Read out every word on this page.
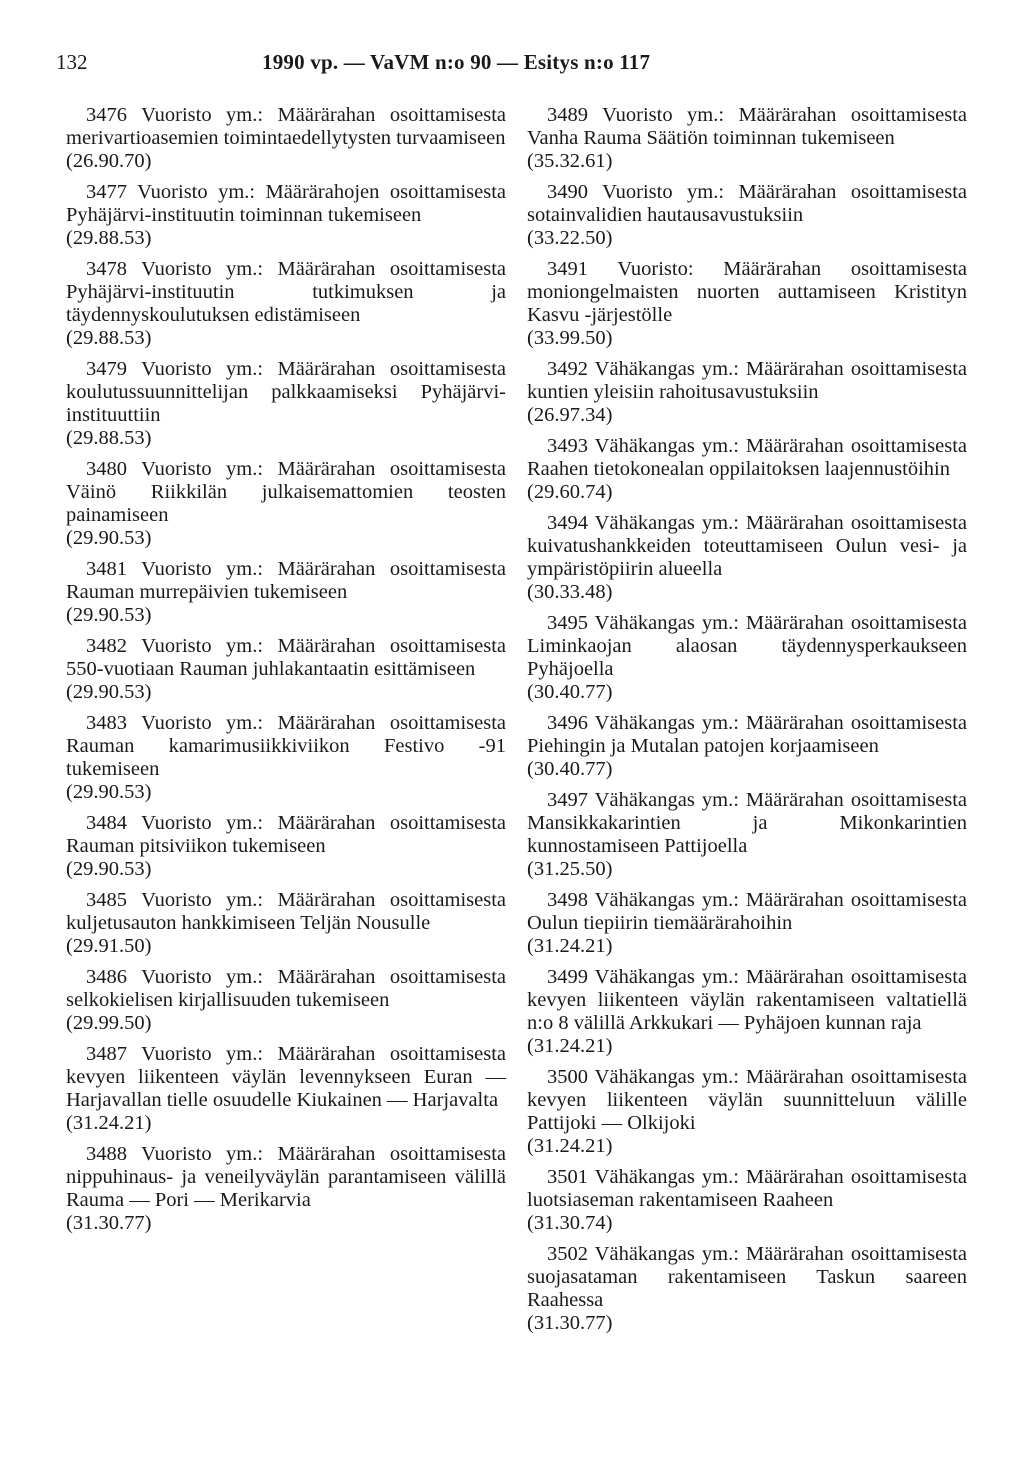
132	1990 vp. — VaVM n:o 90 — Esitys n:o 117

3476 Vuoristo ym.: Määrärahan osoittamisesta merivartioasemien toimintaedellytysten turvaamiseen

(26.90.70)

3477 Vuoristo ym.: Määrärahojen osoittamisesta Pyhäjärvi-instituutin toiminnan tukemiseen

(29.88.53)

3478 Vuoristo ym.: Määrärahan osoittamisesta Pyhäjärvi-instituutin tutkimuksen ja täydennyskoulutuksen edistämiseen

(29.88.53)

3479 Vuoristo ym.: Määrärahan osoittamisesta koulutussuunnittelijan palkkaamiseksi Pyhäjärvi-instituuttiin

(29.88.53)

3480 Vuoristo ym.: Määrärahan osoittamisesta Väinö Riikkilän julkaisemattomien teosten painamiseen

(29.90.53)

3481 Vuoristo ym.: Määrärahan osoittamisesta Rauman murrepäivien tukemiseen

(29.90.53)

3482 Vuoristo ym.: Määrärahan osoittamisesta 550-vuotiaan Rauman juhlakantaatin esittämiseen

(29.90.53)

3483 Vuoristo ym.: Määrärahan osoittamisesta Rauman kamarimusiikkiviikon Festivo -91 tukemiseen

(29.90.53)

3484 Vuoristo ym.: Määrärahan osoittamisesta Rauman pitsiviikon tukemiseen

(29.90.53)

3485 Vuoristo ym.: Määrärahan osoittamisesta kuljetusauton hankkimiseen Teljän Nousulle

(29.91.50)

3486 Vuoristo ym.: Määrärahan osoittamisesta selkokielisen kirjallisuuden tukemiseen

(29.99.50)

3487 Vuoristo ym.: Määrärahan osoittamisesta kevyen liikenteen väylän levennykseen Euran — Harjavallan tielle osuudelle Kiukainen — Harjavalta

(31.24.21)

3488 Vuoristo ym.: Määrärahan osoittamisesta nippuhinaus- ja veneilyväylän parantamiseen välillä Rauma — Pori — Merikarvia

(31.30.77)

3489 Vuoristo ym.: Määrärahan osoittamisesta Vanha Rauma Säätiön toiminnan tukemiseen

(35.32.61)

3490 Vuoristo ym.: Määrärahan osoittamisesta sotainvalidien hautausavustuksiin

(33.22.50)

3491 Vuoristo: Määrärahan osoittamisesta moniongelmaisten nuorten auttamiseen Kristityn Kasvu -järjestölle

(33.99.50)

3492 Vähäkangas ym.: Määrärahan osoittamisesta kuntien yleisiin rahoitusavustuksiin

(26.97.34)

3493 Vähäkangas ym.: Määrärahan osoittamisesta Raahen tietokonealan oppilaitoksen laajennustöihin

(29.60.74)

3494 Vähäkangas ym.: Määrärahan osoittamisesta kuivatushankkeiden toteuttamiseen Oulun vesi- ja ympäristöpiirin alueella

(30.33.48)

3495 Vähäkangas ym.: Määrärahan osoittamisesta Liminkaojan alaosan täydennysperkaukseen Pyhäjoella

(30.40.77)

3496 Vähäkangas ym.: Määrärahan osoittamisesta Piehingin ja Mutalan patojen korjaamiseen

(30.40.77)

3497 Vähäkangas ym.: Määrärahan osoittamisesta Mansikkakarintien ja Mikonkarintien kunnostamiseen Pattijoella

(31.25.50)

3498 Vähäkangas ym.: Määrärahan osoittamisesta Oulun tiepiirin tiemäärärahoihin

(31.24.21)

3499 Vähäkangas ym.: Määrärahan osoittamisesta kevyen liikenteen väylän rakentamiseen valtatiellä n:o 8 välillä Arkkukari — Pyhäjoen kunnan raja

(31.24.21)

3500 Vähäkangas ym.: Määrärahan osoittamisesta kevyen liikenteen väylän suunnitteluun välille Pattijoki — Olkijoki

(31.24.21)

3501 Vähäkangas ym.: Määrärahan osoittamisesta luotsiaseman rakentamiseen Raaheen

(31.30.74)

3502 Vähäkangas ym.: Määrärahan osoittamisesta suojasataman rakentamiseen Taskun saareen Raahessa

(31.30.77)
